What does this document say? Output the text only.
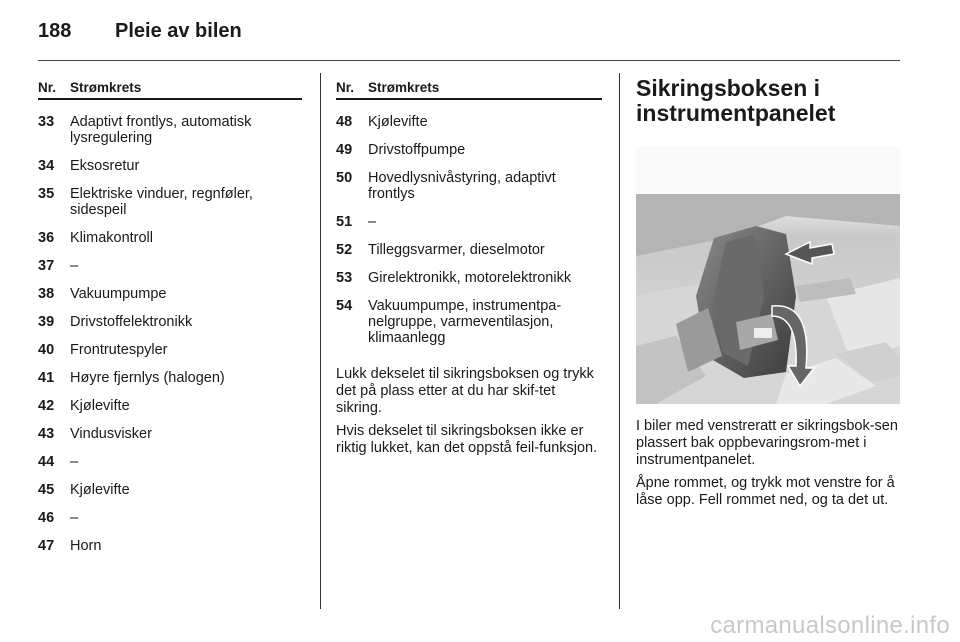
188	Pleie av bilen
Nr.	Strømkrets
33	Adaptivt frontlys, automatisk lysregulering
34	Eksosretur
35	Elektriske vinduer, regnføler, sidespeil
36	Klimakontroll
37	–
38	Vakuumpumpe
39	Drivstoffelektronikk
40	Frontrutespyler
41	Høyre fjernlys (halogen)
42	Kjølevifte
43	Vindusvisker
44	–
45	Kjølevifte
46	–
47	Horn
Nr.	Strømkrets
48	Kjølevifte
49	Drivstoffpumpe
50	Hovedlysnivåstyring, adaptivt frontlys
51	–
52	Tilleggsvarmer, dieselmotor
53	Girelektronikk, motorelektronikk
54	Vakuumpumpe, instrumentpa-nelgruppe, varmeventilasjon, klimaanlegg

Lukk dekselet til sikringsboksen og trykk det på plass etter at du har skif-tet sikring.

Hvis dekselet til sikringsboksen ikke er riktig lukket, kan det oppstå feil-funksjon.

Sikringsboksen i instrumentpanelet

I biler med venstreratt er sikringsbok-sen plassert bak oppbevaringsrom-met i instrumentpanelet.

Åpne rommet, og trykk mot venstre for å låse opp. Fell rommet ned, og ta det ut.

carmanualsonline.info
